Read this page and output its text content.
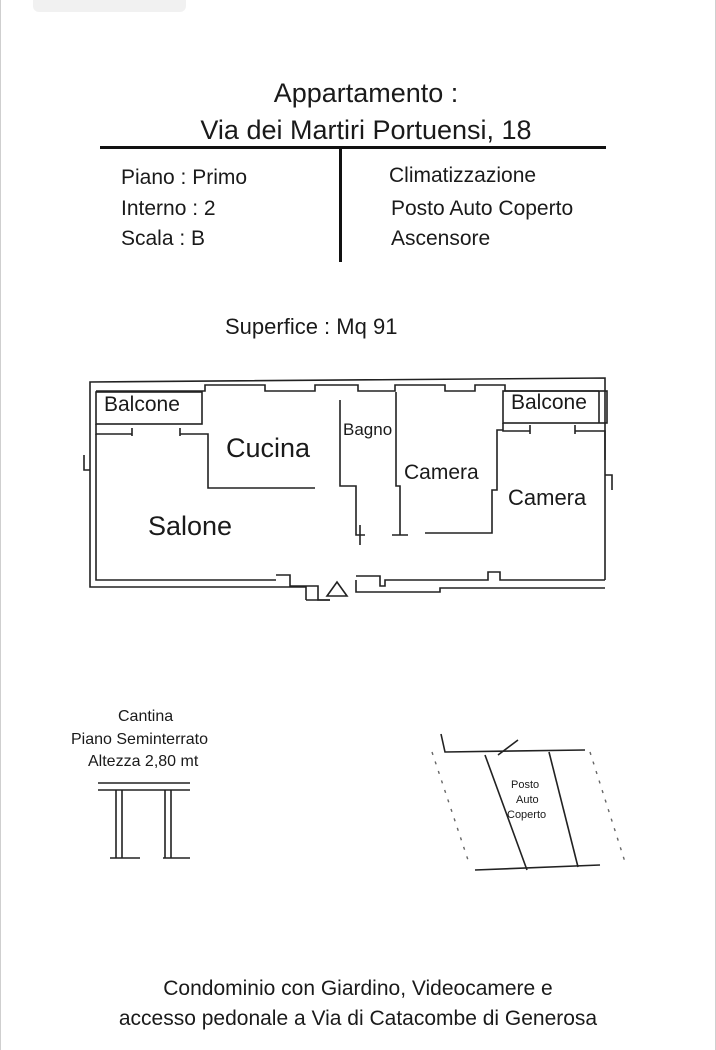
Appartamento :
Via dei Martiri Portuensi, 18
Piano : Primo
Interno : 2
Scala : B
Climatizzazione
Posto Auto Coperto
Ascensore
Superfice : Mq 91
Balcone	Balcone
Cucina
Bagno
Camera
Camera
Salone
Cantina
Piano Seminterrato
Altezza 2,80 mt
Posto
Auto
Coperto
Condominio con Giardino, Videocamere e
accesso pedonale a Via di Catacombe di Generosa
